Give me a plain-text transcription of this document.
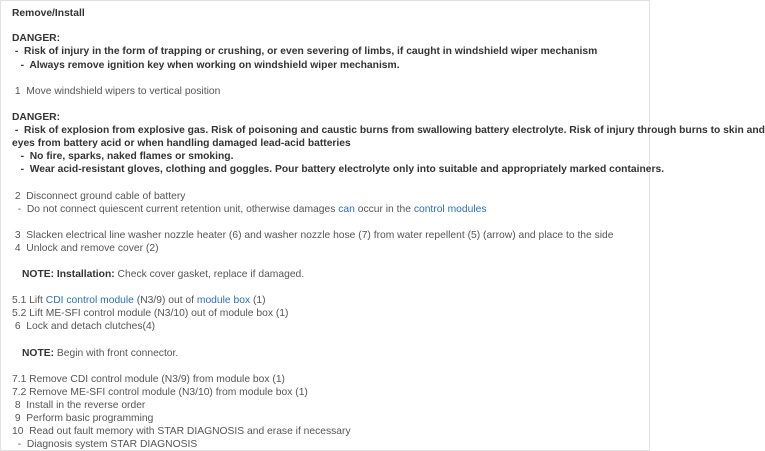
Remove/Install
DANGER:
-  Risk of injury in the form of trapping or crushing, or even severing of limbs, if caught in windshield wiper mechanism
-  Always remove ignition key when working on windshield wiper mechanism.
1  Move windshield wipers to vertical position
DANGER:
-  Risk of explosion from explosive gas. Risk of poisoning and caustic burns from swallowing battery electrolyte. Risk of injury through burns to skin and
eyes from battery acid or when handling damaged lead-acid batteries
-  No fire, sparks, naked flames or smoking.
-  Wear acid-resistant gloves, clothing and goggles. Pour battery electrolyte only into suitable and appropriately marked containers.
2  Disconnect ground cable of battery
-  Do not connect quiescent current retention unit, otherwise damages can occur in the control modules
3  Slacken electrical line washer nozzle heater (6) and washer nozzle hose (7) from water repellent (5) (arrow) and place to the side
4  Unlock and remove cover (2)
NOTE: Installation: Check cover gasket, replace if damaged.
5.1 Lift CDI control module (N3/9) out of module box (1)
5.2 Lift ME-SFI control module (N3/10) out of module box (1)
6  Lock and detach clutches(4)
NOTE: Begin with front connector.
7.1 Remove CDI control module (N3/9) from module box (1)
7.2 Remove ME-SFI control module (N3/10) from module box (1)
8  Install in the reverse order
9  Perform basic programming
10  Read out fault memory with STAR DIAGNOSIS and erase if necessary
-  Diagnosis system STAR DIAGNOSIS
